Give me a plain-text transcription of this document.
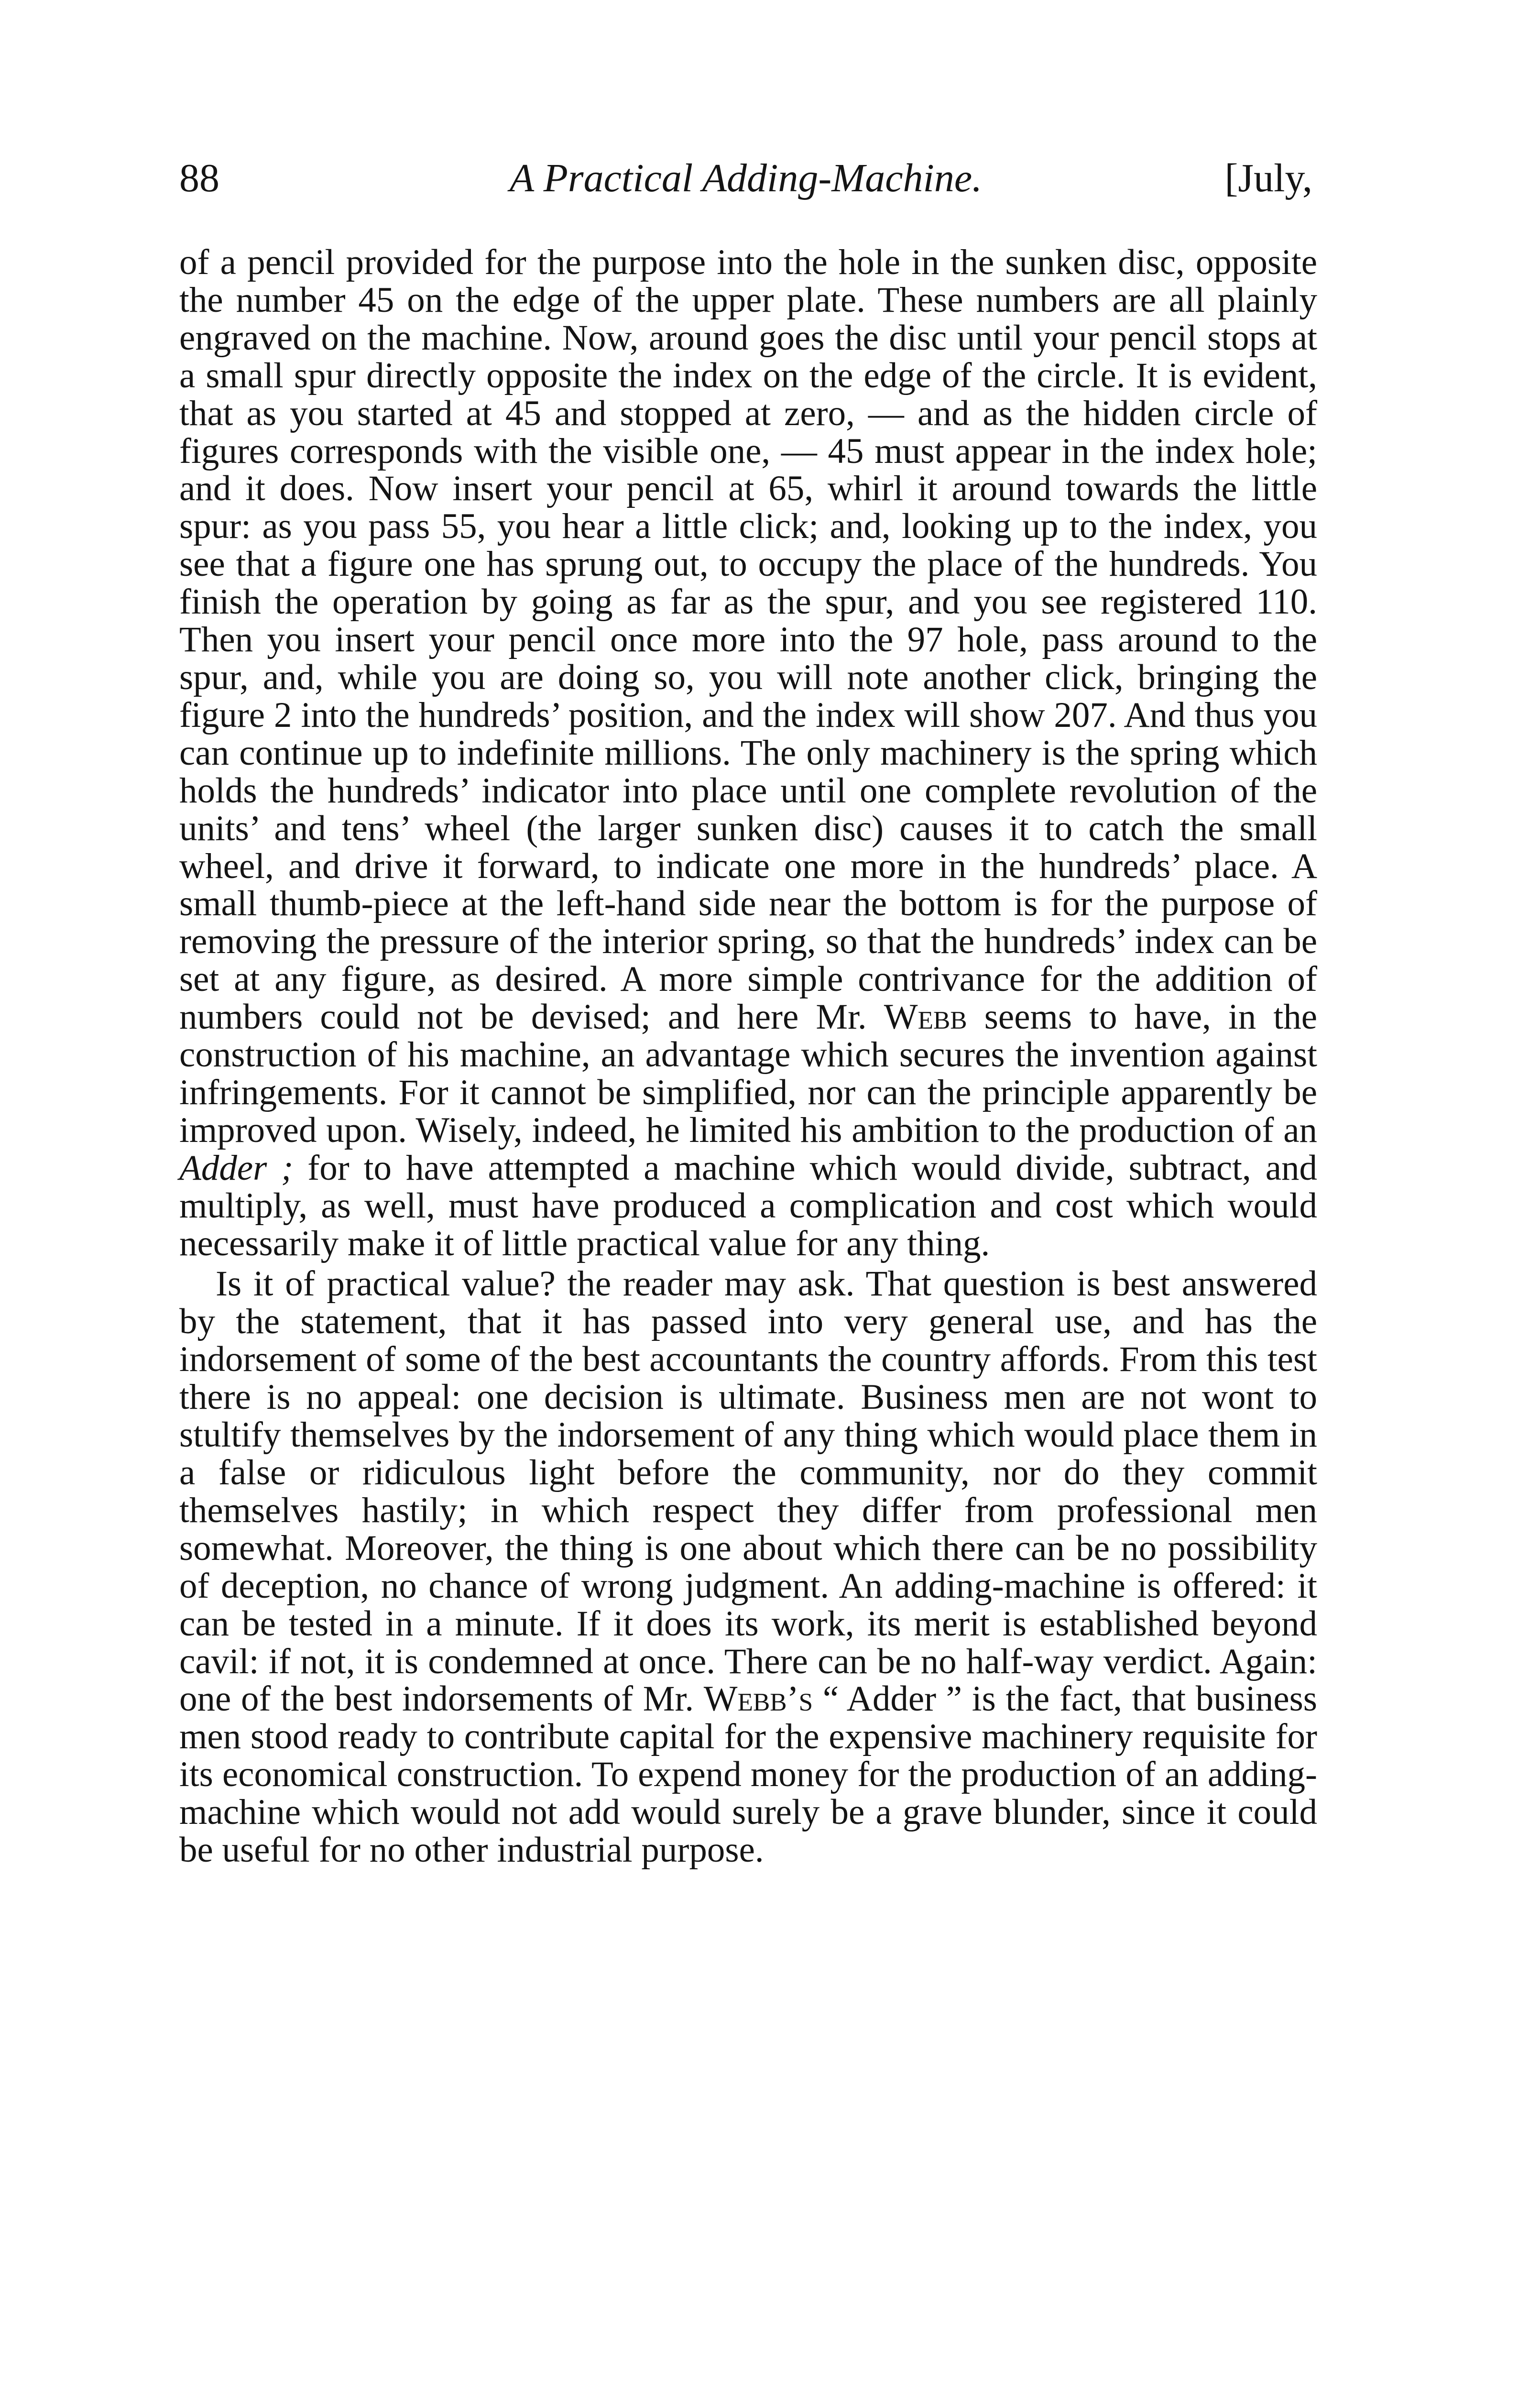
88	A Practical Adding-Machine.	[July,

of a pencil provided for the purpose into the hole in the sunken disc, opposite the number 45 on the edge of the upper plate. These numbers are all plainly engraved on the machine. Now, around goes the disc until your pencil stops at a small spur directly opposite the index on the edge of the circle. It is evident, that as you started at 45 and stopped at zero, — and as the hidden circle of figures corresponds with the visible one, — 45 must appear in the index hole; and it does. Now insert your pencil at 65, whirl it around towards the little spur: as you pass 55, you hear a little click; and, looking up to the index, you see that a figure one has sprung out, to occupy the place of the hundreds. You finish the operation by going as far as the spur, and you see registered 110. Then you insert your pencil once more into the 97 hole, pass around to the spur, and, while you are doing so, you will note another click, bringing the figure 2 into the hundreds’ position, and the index will show 207. And thus you can continue up to indefinite millions. The only machinery is the spring which holds the hundreds’ indicator into place until one complete revolution of the units’ and tens’ wheel (the larger sunken disc) causes it to catch the small wheel, and drive it forward, to indicate one more in the hundreds’ place. A small thumb-piece at the left-hand side near the bottom is for the purpose of removing the pressure of the interior spring, so that the hundreds’ index can be set at any figure, as desired. A more simple contrivance for the addition of numbers could not be devised; and here Mr. Webb seems to have, in the construction of his machine, an advantage which secures the invention against infringements. For it cannot be simplified, nor can the principle apparently be improved upon. Wisely, indeed, he limited his ambition to the production of an Adder ; for to have attempted a machine which would divide, subtract, and multiply, as well, must have produced a complication and cost which would necessarily make it of little practical value for any thing.

Is it of practical value? the reader may ask. That question is best answered by the statement, that it has passed into very general use, and has the indorsement of some of the best accountants the country affords. From this test there is no appeal: one decision is ultimate. Business men are not wont to stultify themselves by the indorsement of any thing which would place them in a false or ridiculous light before the community, nor do they commit themselves hastily; in which respect they differ from professional men somewhat. Moreover, the thing is one about which there can be no possibility of deception, no chance of wrong judgment. An adding-machine is offered: it can be tested in a minute. If it does its work, its merit is established beyond cavil: if not, it is condemned at once. There can be no half-way verdict. Again: one of the best indorsements of Mr. Webb’s “ Adder ” is the fact, that business men stood ready to contribute capital for the expensive machinery requisite for its economical construction. To expend money for the production of an adding-machine which would not add would surely be a grave blunder, since it could be useful for no other industrial purpose.
